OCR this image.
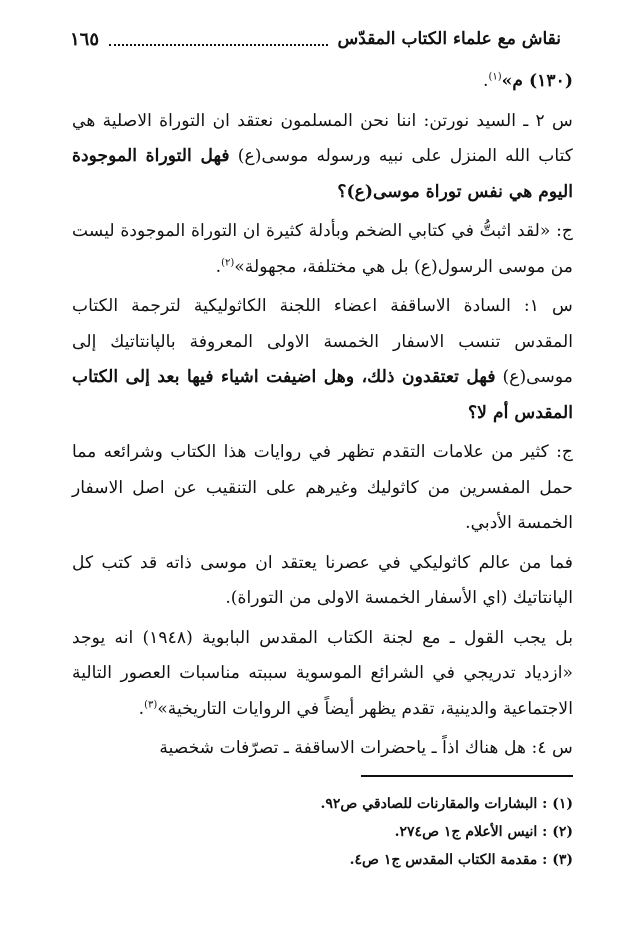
نقاش مع علماء الكتاب المقدّس
١٦٥

(١٣٠) م»$^{(١)}$.

س ٢ ـ السيد نورتن: اننا نحن المسلمون نعتقد ان التوراة الاصلية هي كتاب الله المنزل على نبيه ورسوله موسى(ع) فهل التوراة الموجودة اليوم هي نفس توراة موسى(ع)؟

ج: «لقد اثبتُّ في كتابي الضخم وبأدلة كثيرة ان التوراة الموجودة ليست من موسى الرسول(ع) بل هي مختلفة، مجهولة»$^{(٢)}$.

س ١: السادة الاساقفة اعضاء اللجنة الكاثوليكية لترجمة الكتاب المقدس تنسب الاسفار الخمسة الاولى المعروفة بالپانتاتيك إلى موسى(ع) فهل تعتقدون ذلك، وهل اضيفت اشياء فيها بعد إلى الكتاب المقدس أم لا؟

ج: كثير من علامات التقدم تظهر في روايات هذا الكتاب وشرائعه مما حمل المفسرين من كاثوليك وغيرهم على التنقيب عن اصل الاسفار الخمسة الأدبي.

فما من عالم كاثوليكي في عصرنا يعتقد ان موسى ذاته قد كتب كل الپانتاتيك (اي الأسفار الخمسة الاولى من التوراة).

بل يجب القول ـ مع لجنة الكتاب المقدس البابوية (١٩٤٨) انه يوجد «ازدياد تدريجي في الشرائع الموسوية سببته مناسبات العصور التالية الاجتماعية والدينية، تقدم يظهر أيضاً في الروايات التاريخية»$^{(٣)}$.

س ٤: هل هناك اذاً ـ ياحضرات الاساقفة ـ تصرّفات شخصية

(١) : البشارات والمقارنات للصادقي ص٩٢.

(٢) : انيس الأعلام ج١ ص٢٧٤.

(٣) : مقدمة الكتاب المقدس ج١ ص٤.
